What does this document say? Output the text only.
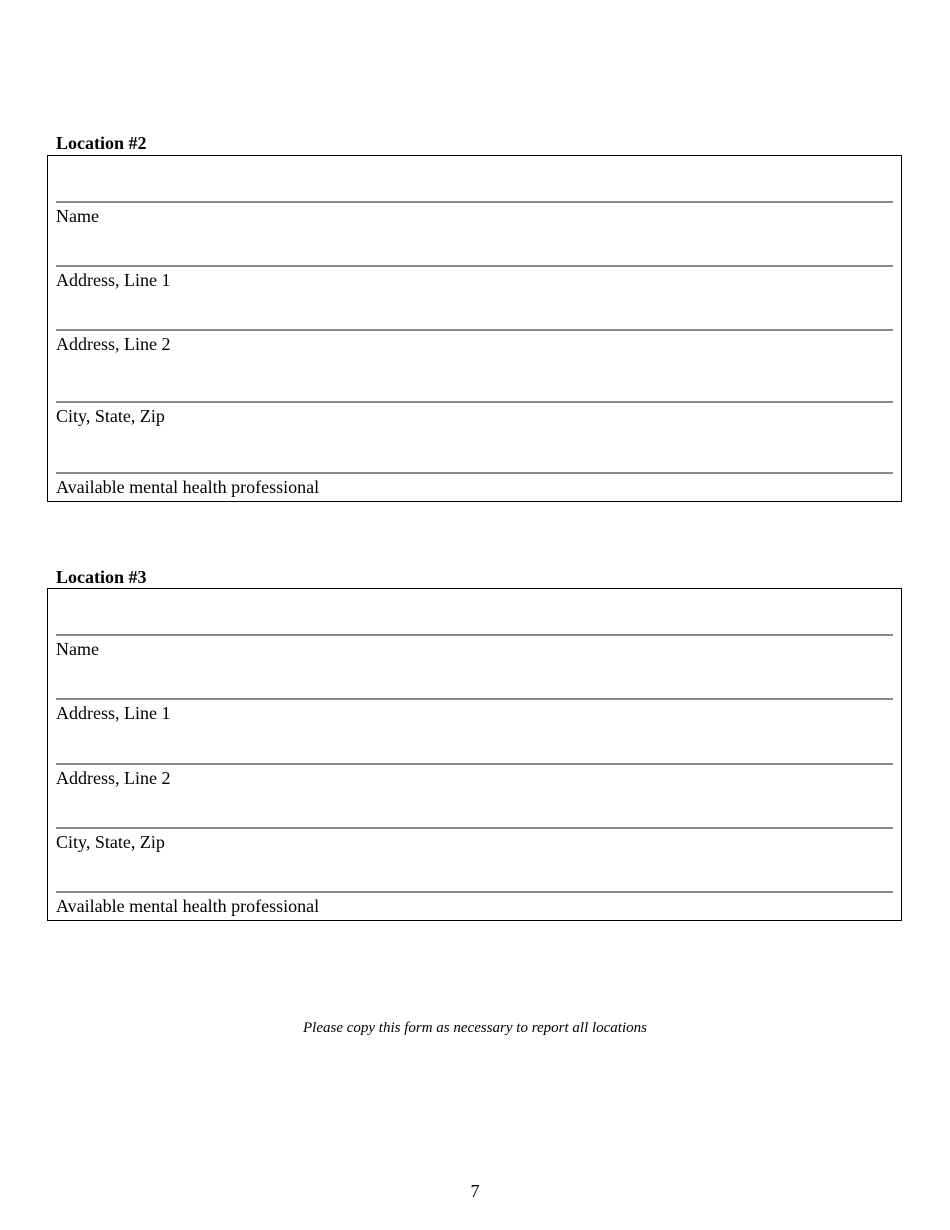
Location #2
Name
Address, Line 1
Address, Line 2
City, State, Zip
Available mental health professional
Location #3
Name
Address, Line 1
Address, Line 2
City, State, Zip
Available mental health professional
Please copy this form as necessary to report all locations
7
